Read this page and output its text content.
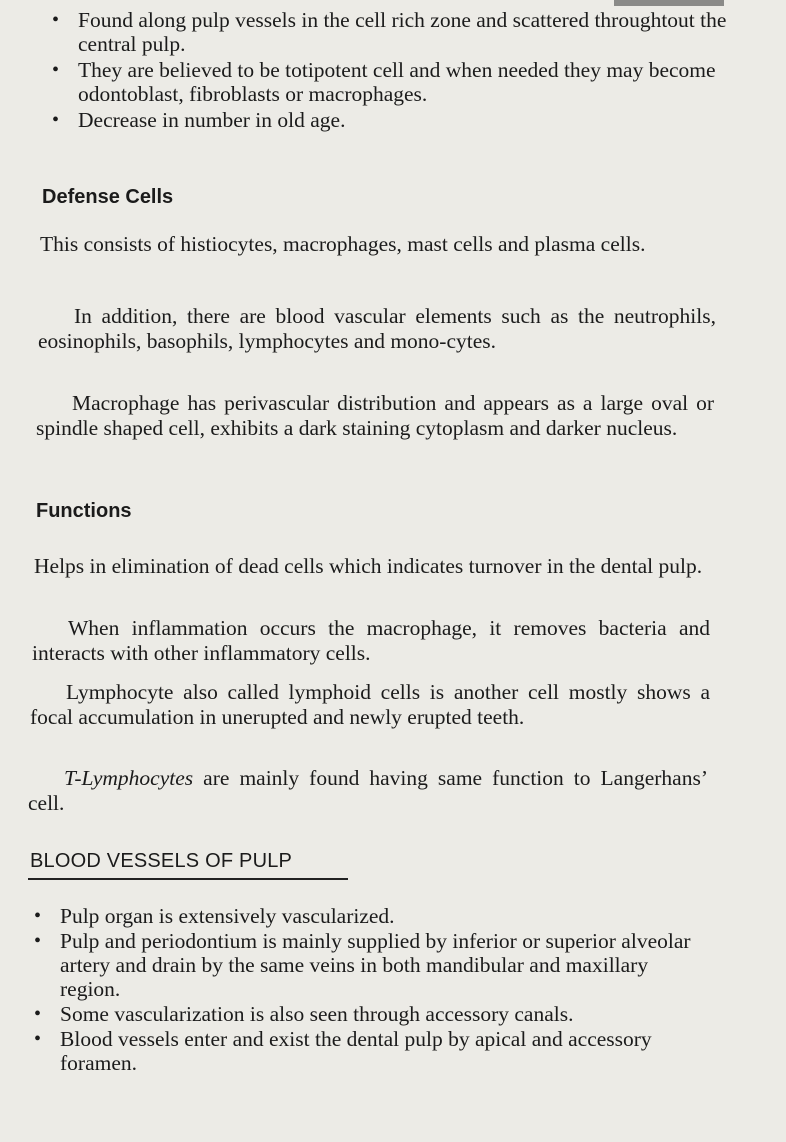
• Found along pulp vessels in the cell rich zone and scattered throughtout the central pulp.
• They are believed to be totipotent cell and when needed they may become odontoblast, fibroblasts or macrophages.
• Decrease in number in old age.
Defense Cells
This consists of histiocytes, macrophages, mast cells and plasma cells.
In addition, there are blood vascular elements such as the neutrophils, eosinophils, basophils, lymphocytes and mono-cytes.
Macrophage has perivascular distribution and appears as a large oval or spindle shaped cell, exhibits a dark staining cytoplasm and darker nucleus.
Functions
Helps in elimination of dead cells which indicates turnover in the dental pulp.
When inflammation occurs the macrophage, it removes bacteria and interacts with other inflammatory cells.
Lymphocyte also called lymphoid cells is another cell mostly shows a focal accumulation in unerupted and newly erupted teeth.
T-Lymphocytes are mainly found having same function to Langerhans’ cell.
BLOOD VESSELS OF PULP
• Pulp organ is extensively vascularized.
• Pulp and periodontium is mainly supplied by inferior or superior alveolar artery and drain by the same veins in both mandibular and maxillary region.
• Some vascularization is also seen through accessory canals.
• Blood vessels enter and exist the dental pulp by apical and accessory foramen.
